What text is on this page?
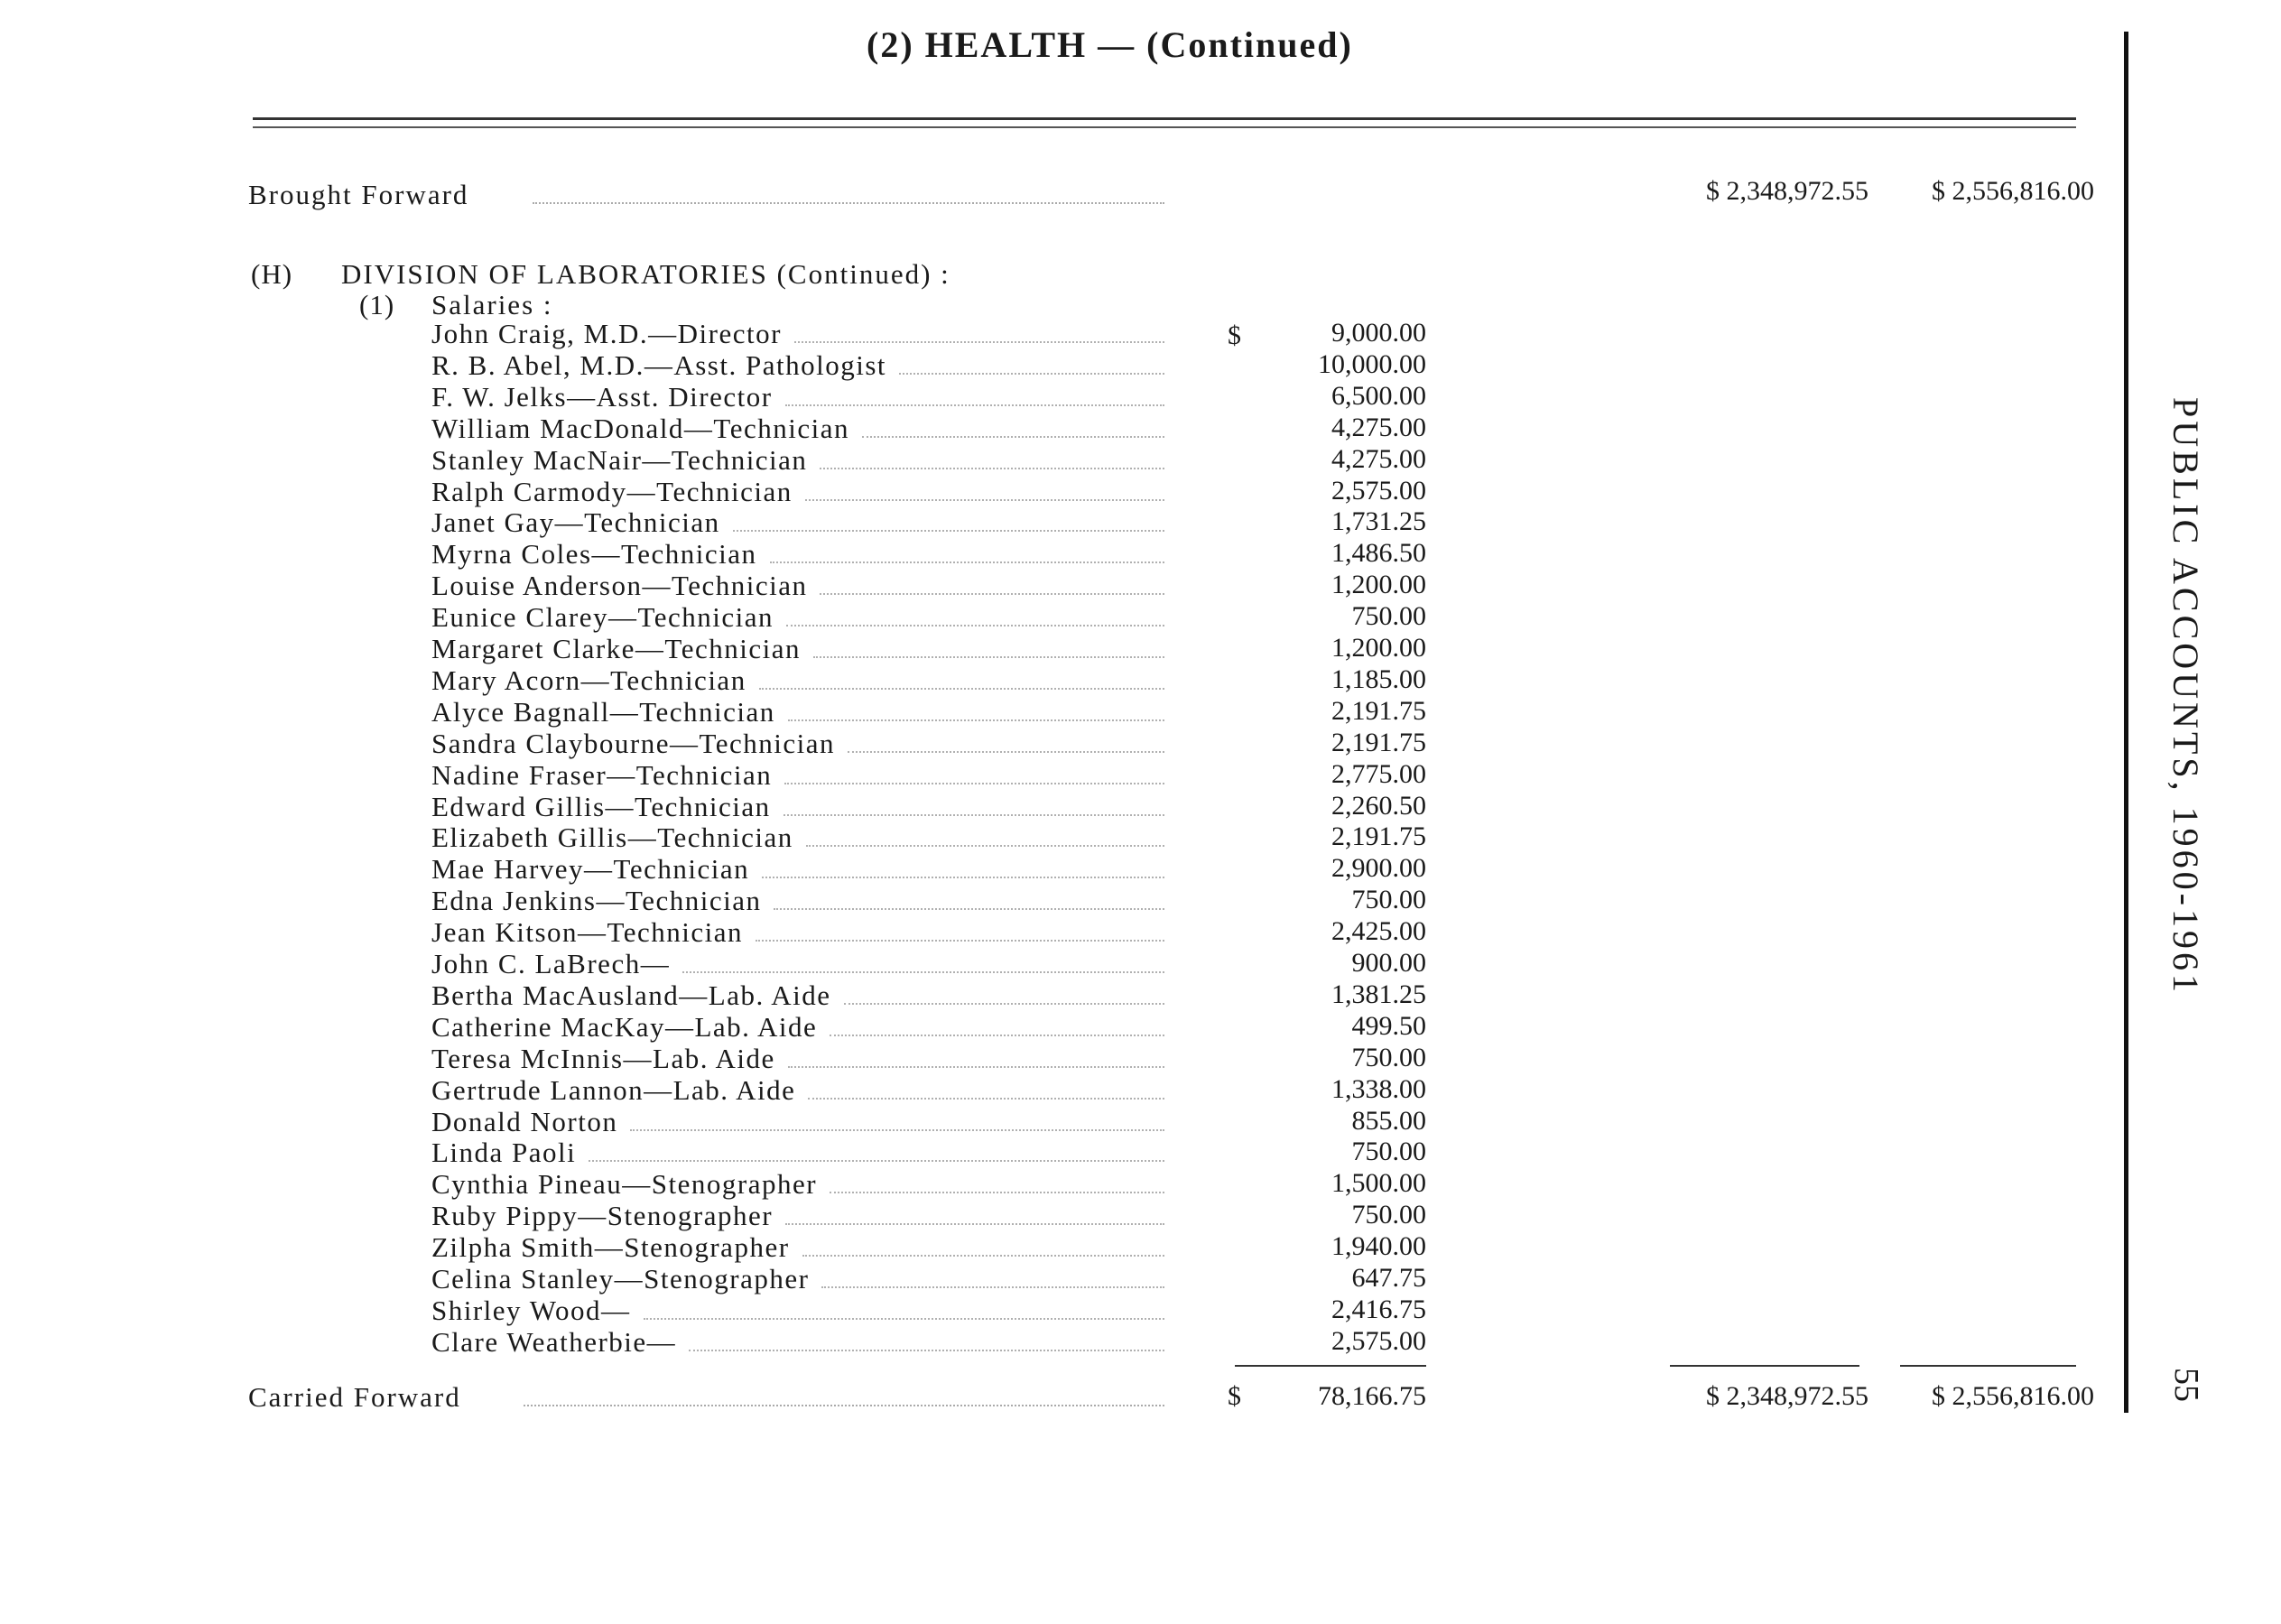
(2) HEALTH — (Continued)
PUBLIC ACCOUNTS, 1960-1961
55
Brought Forward	$ 2,348,972.55	$ 2,556,816.00
(H) DIVISION OF LABORATORIES (Continued) :
(1) Salaries :
$
John Craig, M.D.—Director	9,000.00
R. B. Abel, M.D.—Asst. Pathologist	10,000.00
F. W. Jelks—Asst. Director	6,500.00
William MacDonald—Technician	4,275.00
Stanley MacNair—Technician	4,275.00
Ralph Carmody—Technician	2,575.00
Janet Gay—Technician	1,731.25
Myrna Coles—Technician	1,486.50
Louise Anderson—Technician	1,200.00
Eunice Clarey—Technician	750.00
Margaret Clarke—Technician	1,200.00
Mary Acorn—Technician	1,185.00
Alyce Bagnall—Technician	2,191.75
Sandra Claybourne—Technician	2,191.75
Nadine Fraser—Technician	2,775.00
Edward Gillis—Technician	2,260.50
Elizabeth Gillis—Technician	2,191.75
Mae Harvey—Technician	2,900.00
Edna Jenkins—Technician	750.00
Jean Kitson—Technician	2,425.00
John C. LaBrech—	900.00
Bertha MacAusland—Lab. Aide	1,381.25
Catherine MacKay—Lab. Aide	499.50
Teresa McInnis—Lab. Aide	750.00
Gertrude Lannon—Lab. Aide	1,338.00
Donald Norton	855.00
Linda Paoli	750.00
Cynthia Pineau—Stenographer	1,500.00
Ruby Pippy—Stenographer	750.00
Zilpha Smith—Stenographer	1,940.00
Celina Stanley—Stenographer	647.75
Shirley Wood—	2,416.75
Clare Weatherbie—	2,575.00
Carried Forward	$	78,166.75	$ 2,348,972.55	$ 2,556,816.00
